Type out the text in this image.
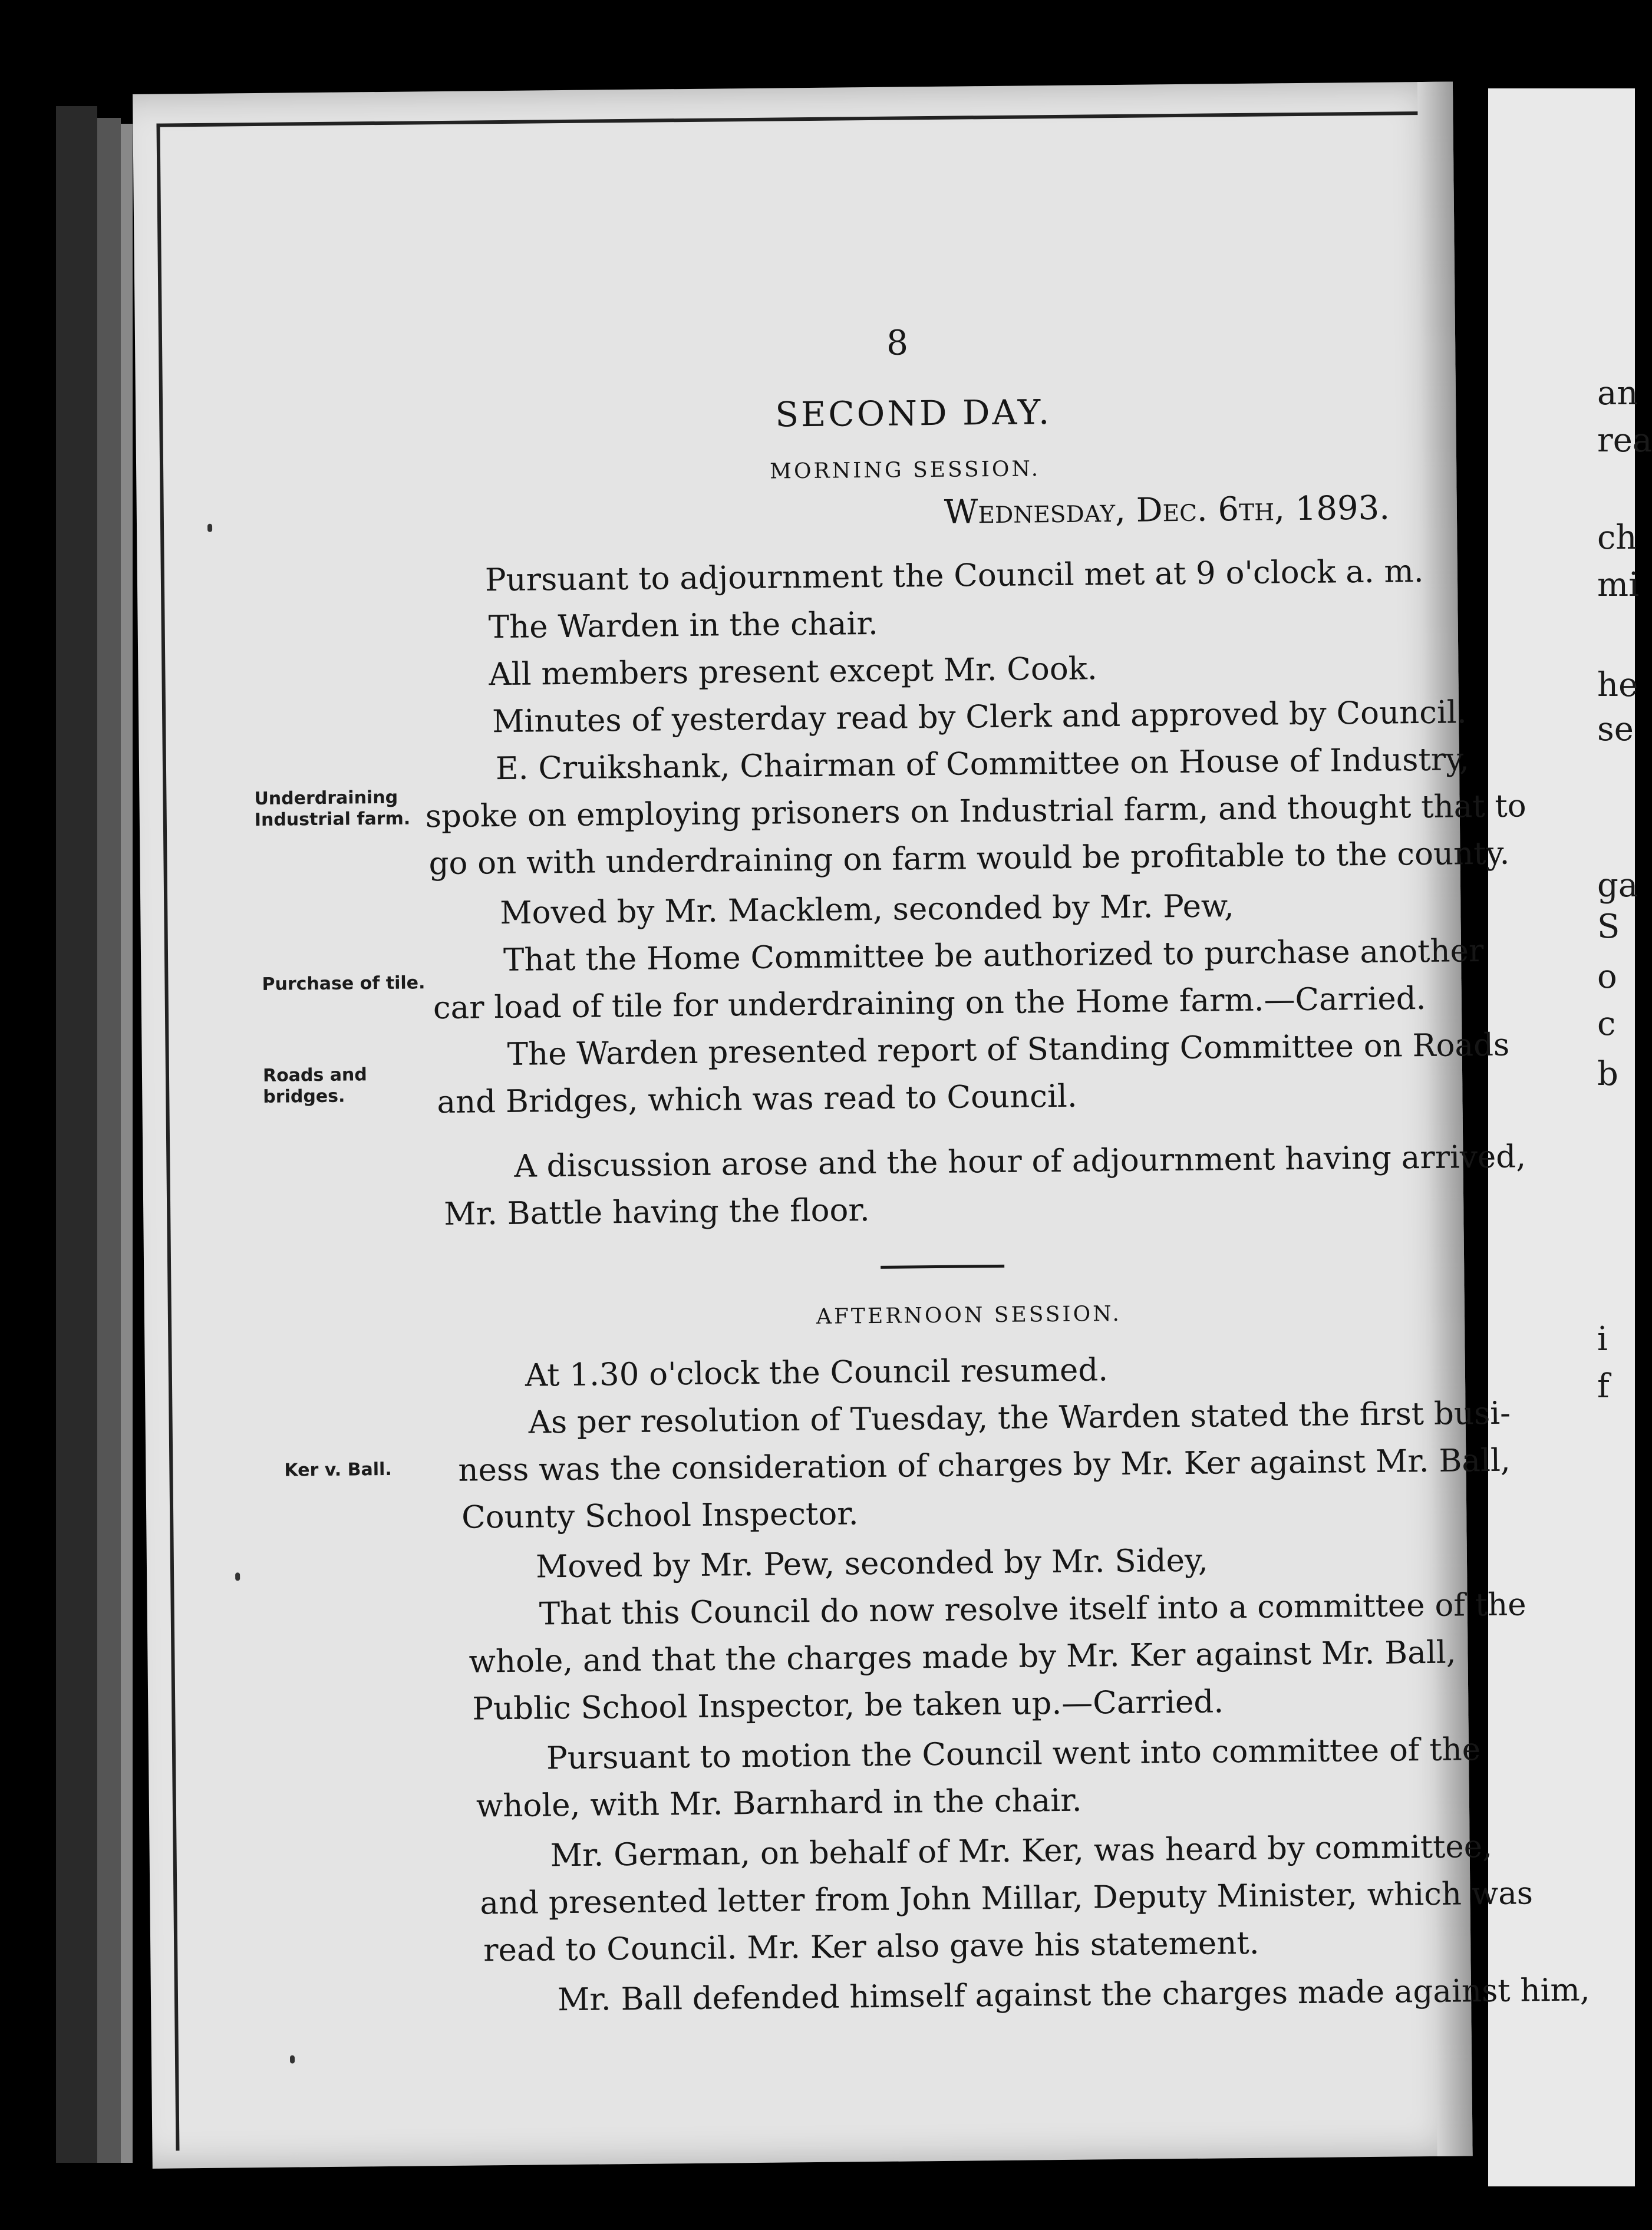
an
rea
ch
mi
he
se
ga
S
o
c
b
i
f
8
SECOND DAY.
MORNING SESSION.
Wednesday, Dec. 6th, 1893.
Pursuant to adjournment the Council met at 9 o'clock a. m.
The Warden in the chair.
All members present except Mr. Cook.
Minutes of yesterday read by Clerk and approved by Council.
E. Cruikshank, Chairman of Committee on House of Industry,
spoke on employing prisoners on Industrial farm, and thought that to
go on with underdraining on farm would be profitable to the county.
Moved by Mr. Macklem, seconded by Mr. Pew,
That the Home Committee be authorized to purchase another
car load of tile for underdraining on the Home farm.—Carried.
The Warden presented report of Standing Committee on Roads
and Bridges, which was read to Council.
A discussion arose and the hour of adjournment having arrived,
Mr. Battle having the floor.
AFTERNOON SESSION.
At 1.30 o'clock the Council resumed.
As per resolution of Tuesday, the Warden stated the first busi-
ness was the consideration of charges by Mr. Ker against Mr. Ball,
County School Inspector.
Moved by Mr. Pew, seconded by Mr. Sidey,
That this Council do now resolve itself into a committee of the
whole, and that the charges made by Mr. Ker against Mr. Ball,
Public School Inspector, be taken up.—Carried.
Pursuant to motion the Council went into committee of the
whole, with Mr. Barnhard in the chair.
Mr. German, on behalf of Mr. Ker, was heard by committee,
and presented letter from John Millar, Deputy Minister, which was
read to Council. Mr. Ker also gave his statement.
Mr. Ball defended himself against the charges made against him,
Underdraining
Industrial farm.
Purchase of tile.
Roads and
bridges.
Ker v. Ball.
